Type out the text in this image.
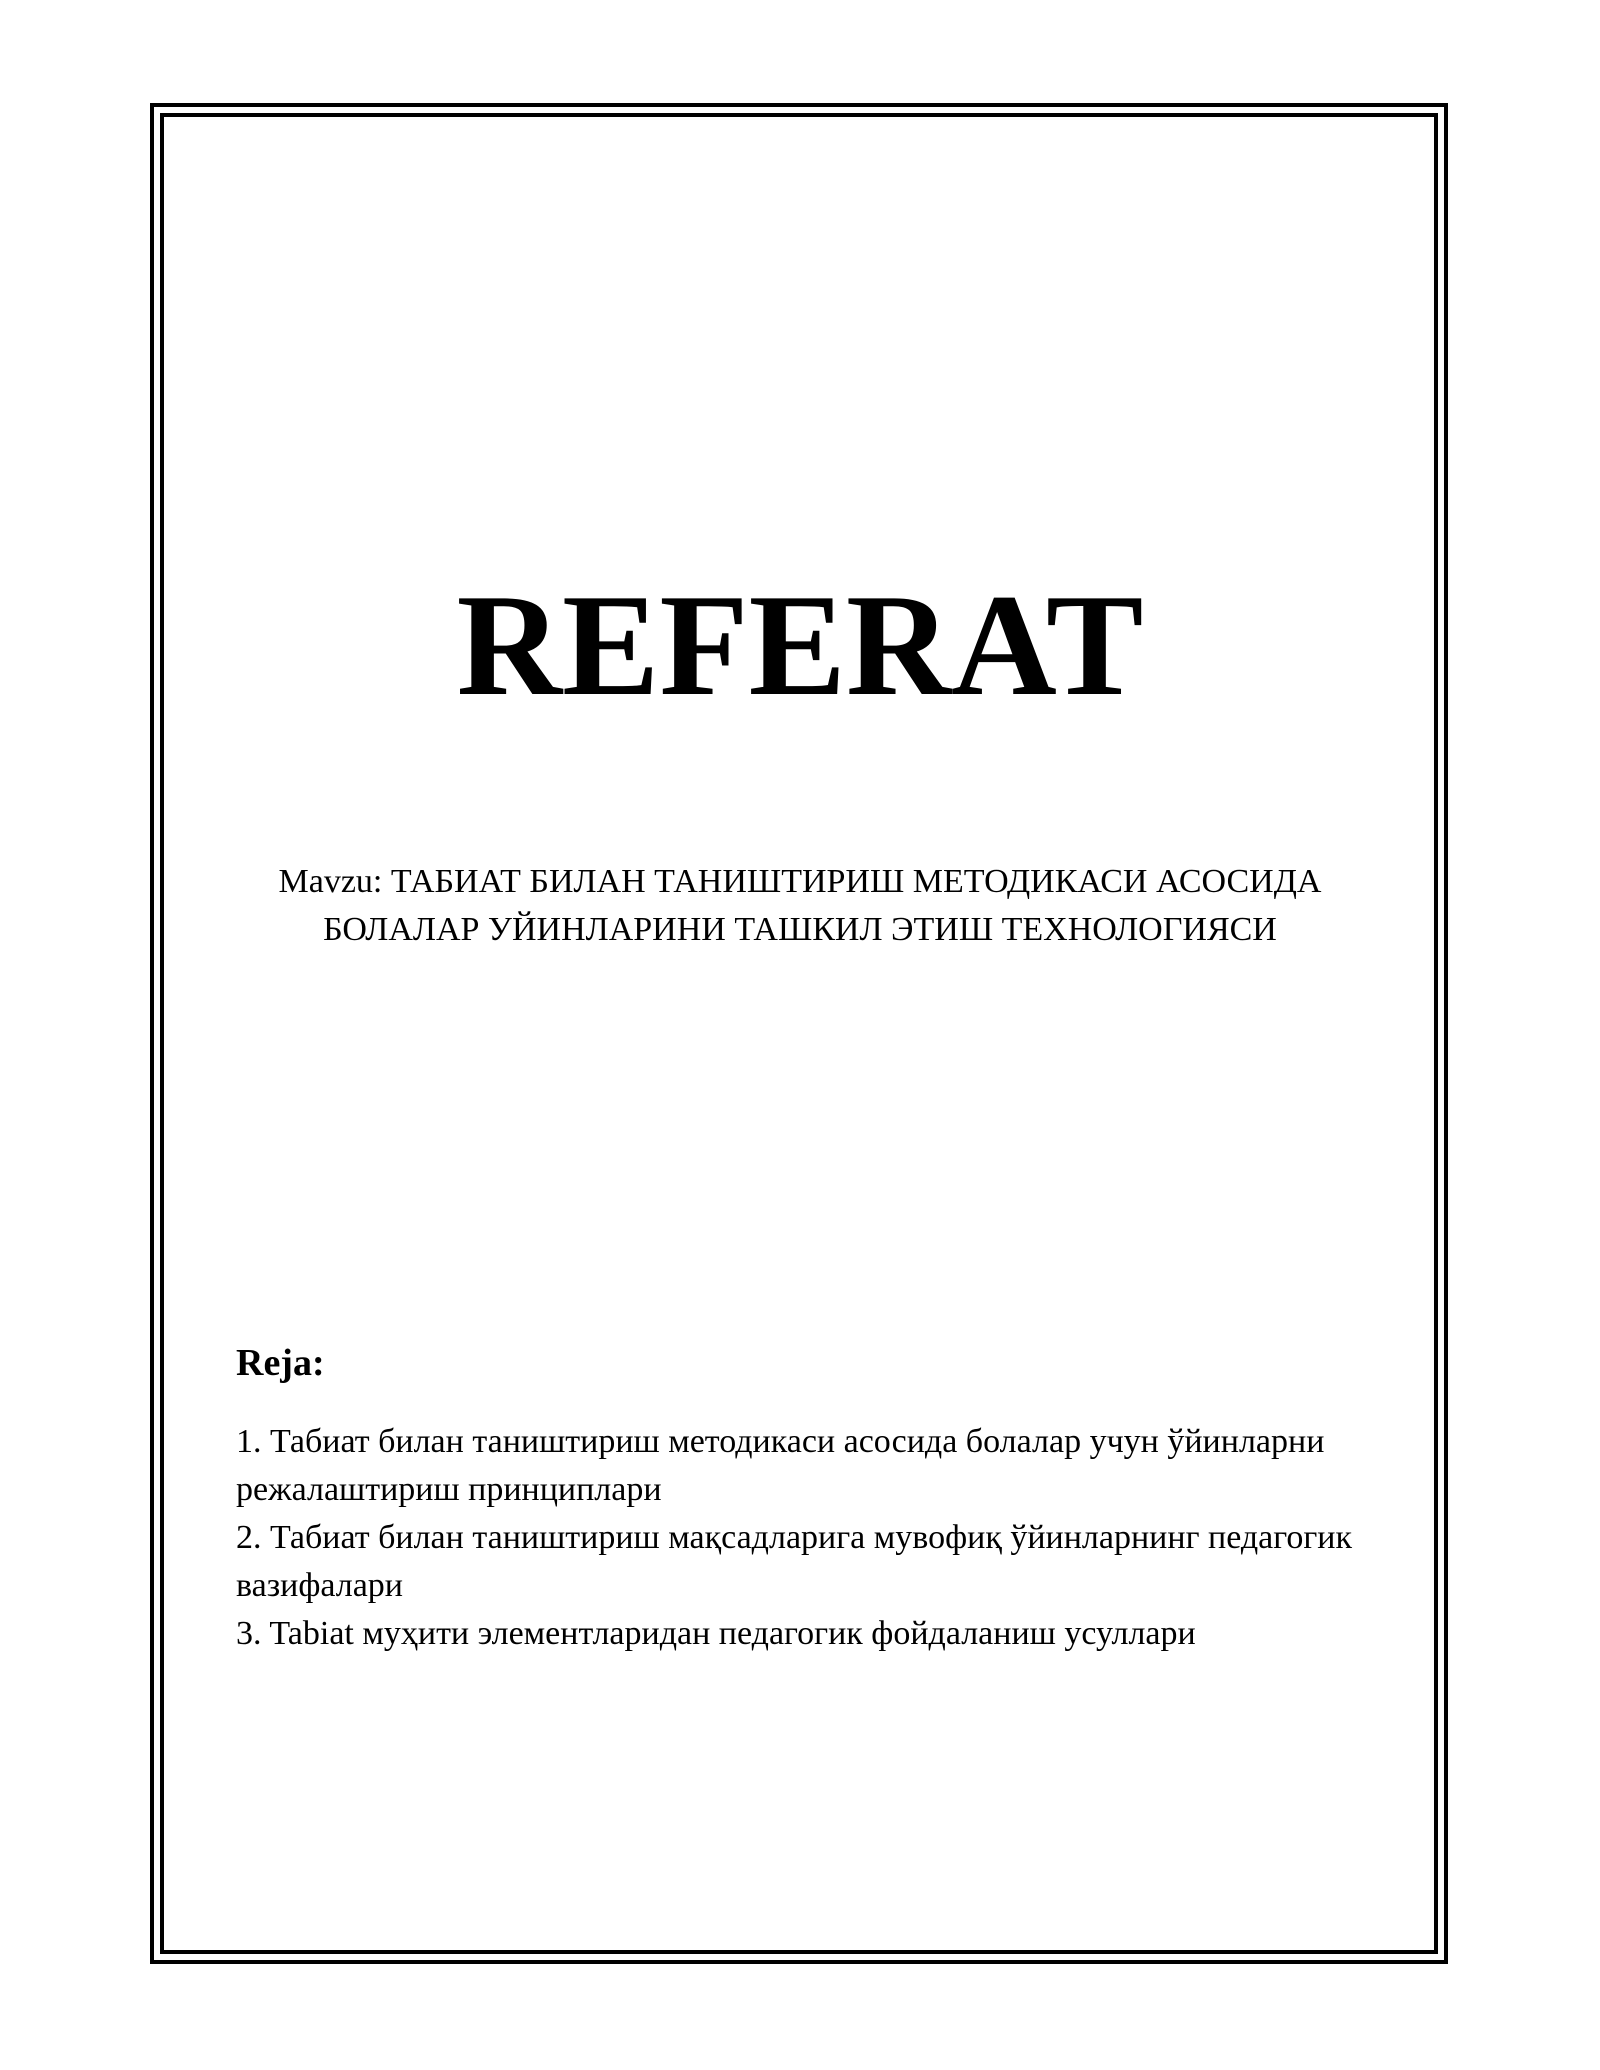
REFERAT
Mavzu: ТАБИАТ БИЛАН ТАНИШТИРИШ МЕТОДИКАСИ АСОСИДА БОЛАЛАР УЙИНЛАРИНИ ТАШКИЛ ЭТИШ ТЕХНОЛОГИЯСИ
Reja:
1. Табиат билан таништириш методикаси асосида болалар учун ўйинларни режалаштириш принциплари
2. Табиат билан таништириш мақсадларига мувофиқ ўйинларнинг педагогик вазифалари
3. Tabiat муҳити элементларидан педагогик фойдаланиш усуллари
